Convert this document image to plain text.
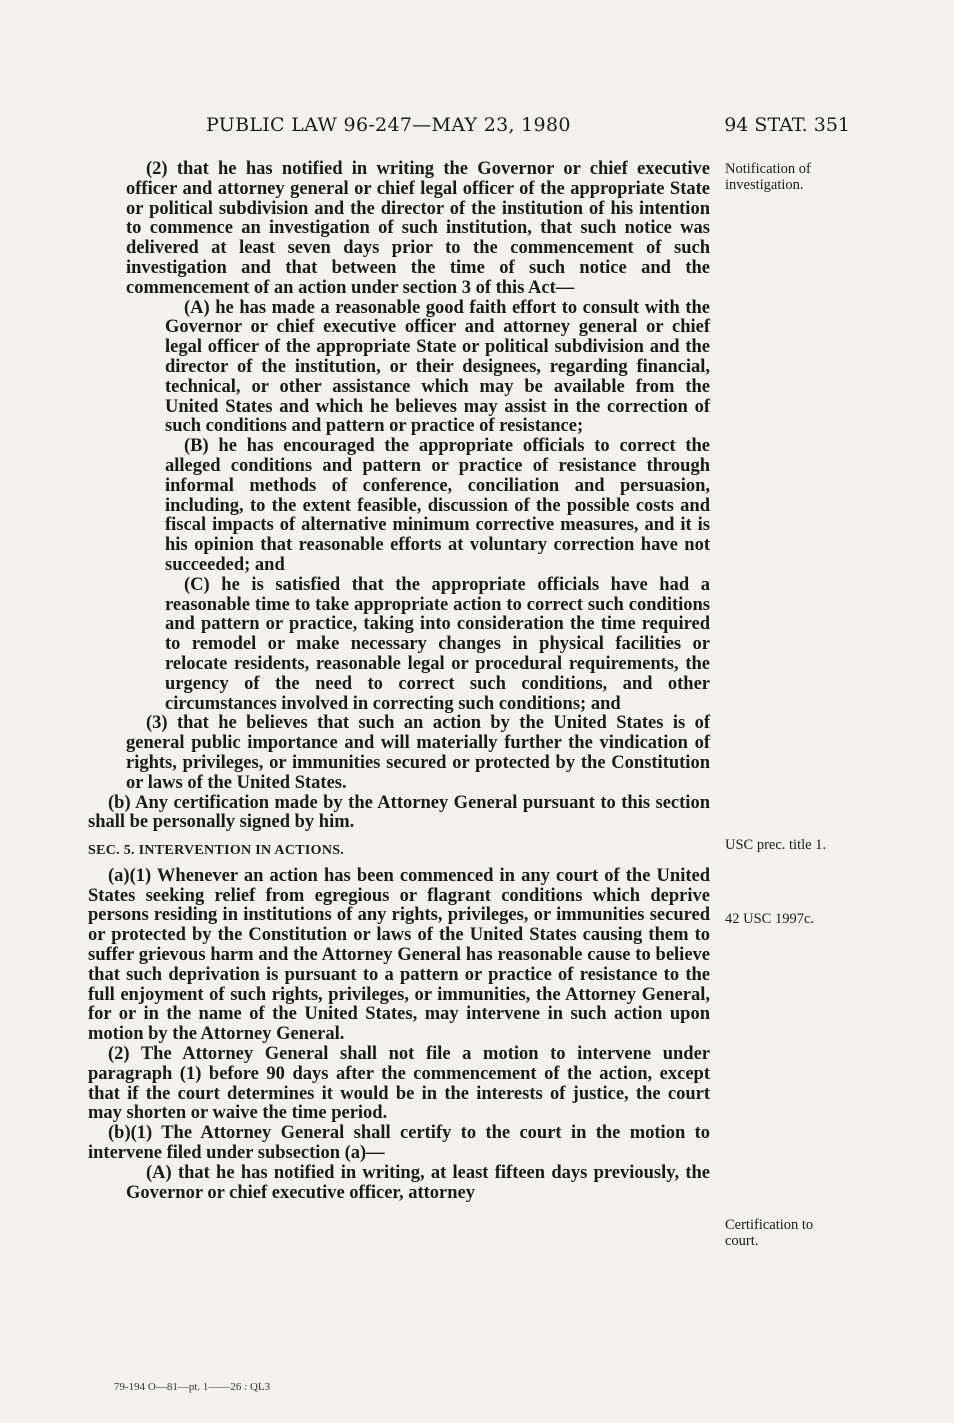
PUBLIC LAW 96-247—MAY 23, 1980	94 STAT. 351

(2) that he has notified in writing the Governor or chief executive officer and attorney general or chief legal officer of the appropriate State or political subdivision and the director of the institution of his intention to commence an investigation of such institution, that such notice was delivered at least seven days prior to the commencement of such investigation and that between the time of such notice and the commencement of an action under section 3 of this Act—

(A) he has made a reasonable good faith effort to consult with the Governor or chief executive officer and attorney general or chief legal officer of the appropriate State or political subdivision and the director of the institution, or their designees, regarding financial, technical, or other assistance which may be available from the United States and which he believes may assist in the correction of such conditions and pattern or practice of resistance;

(B) he has encouraged the appropriate officials to correct the alleged conditions and pattern or practice of resistance through informal methods of conference, conciliation and persuasion, including, to the extent feasible, discussion of the possible costs and fiscal impacts of alternative minimum corrective measures, and it is his opinion that reasonable efforts at voluntary correction have not succeeded; and

(C) he is satisfied that the appropriate officials have had a reasonable time to take appropriate action to correct such conditions and pattern or practice, taking into consideration the time required to remodel or make necessary changes in physical facilities or relocate residents, reasonable legal or procedural requirements, the urgency of the need to correct such conditions, and other circumstances involved in correcting such conditions; and

(3) that he believes that such an action by the United States is of general public importance and will materially further the vindication of rights, privileges, or immunities secured or protected by the Constitution or laws of the United States.

(b) Any certification made by the Attorney General pursuant to this section shall be personally signed by him.

SEC. 5. INTERVENTION IN ACTIONS.

(a)(1) Whenever an action has been commenced in any court of the United States seeking relief from egregious or flagrant conditions which deprive persons residing in institutions of any rights, privileges, or immunities secured or protected by the Constitution or laws of the United States causing them to suffer grievous harm and the Attorney General has reasonable cause to believe that such deprivation is pursuant to a pattern or practice of resistance to the full enjoyment of such rights, privileges, or immunities, the Attorney General, for or in the name of the United States, may intervene in such action upon motion by the Attorney General.

(2) The Attorney General shall not file a motion to intervene under paragraph (1) before 90 days after the commencement of the action, except that if the court determines it would be in the interests of justice, the court may shorten or waive the time period.

(b)(1) The Attorney General shall certify to the court in the motion to intervene filed under subsection (a)—

(A) that he has notified in writing, at least fifteen days previously, the Governor or chief executive officer, attorney

Notification of investigation.
USC prec. title 1.
42 USC 1997c.
Certification to court.
79-194 O—81—pt. 1——26 : QL3
